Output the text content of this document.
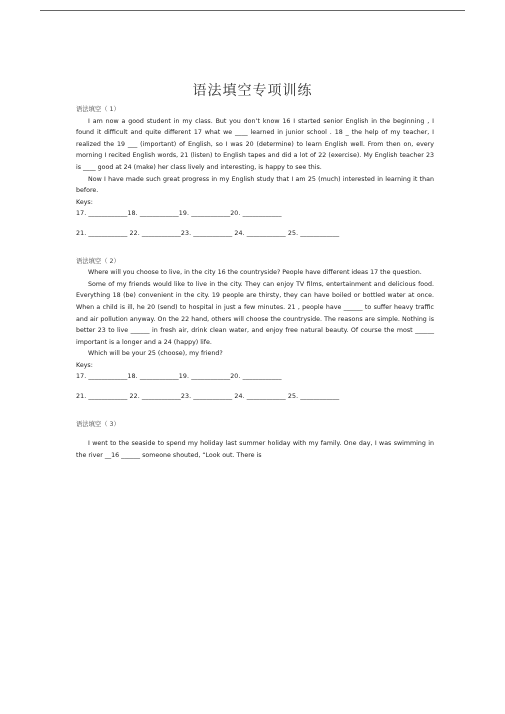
语法填空专项训练

语法填空（ 1）

I am now a good student in my class. But you don’t know 16 I started senior English in the beginning , I found it difficult and quite different 17 what we ____ learned in junior school . 18 _ the help of my teacher, I realized the 19 ___ (important) of English, so I was 20 (determine) to learn English well. From then on, every morning I recited English words, 21 (listen) to English tapes and did a lot of 22 (exercise). My English teacher 23 is ____ good at 24 (make) her class lively and interesting, is happy to see this.

Now I have made such great progress in my English study that I am 25 (much) interested in learning it than before.

Keys:

17. ____________18. ____________19. ____________20. ____________

21. ____________ 22. ____________23. ____________ 24. ____________ 25. ____________

语法填空（ 2）

Where will you choose to live, in the city 16 the countryside? People have different ideas 17 the question.

Some of my friends would like to live in the city. They can enjoy TV films, entertainment and delicious food. Everything 18 (be) convenient in the city. 19 people are thirsty, they can have boiled or bottled water at once. When a child is ill, he 20 (send) to hospital in just a few minutes. 21 , people have ______ to suffer heavy traffic and air pollution anyway. On the 22 hand, others will choose the countryside. The reasons are simple. Nothing is better 23 to live ______ in fresh air, drink clean water, and enjoy free natural beauty. Of course the most ______ important is a longer and a 24 (happy) life.

Which will be your 25 (choose), my friend?

Keys:

17. ____________18. ____________19. ____________20. ____________

21. ____________ 22. ____________23. ____________ 24. ____________ 25. ____________

语法填空（ 3）

I went to the seaside to spend my holiday last summer holiday with my family. One day, I was swimming in the river __16 ______ someone shouted, “Look out. There is
